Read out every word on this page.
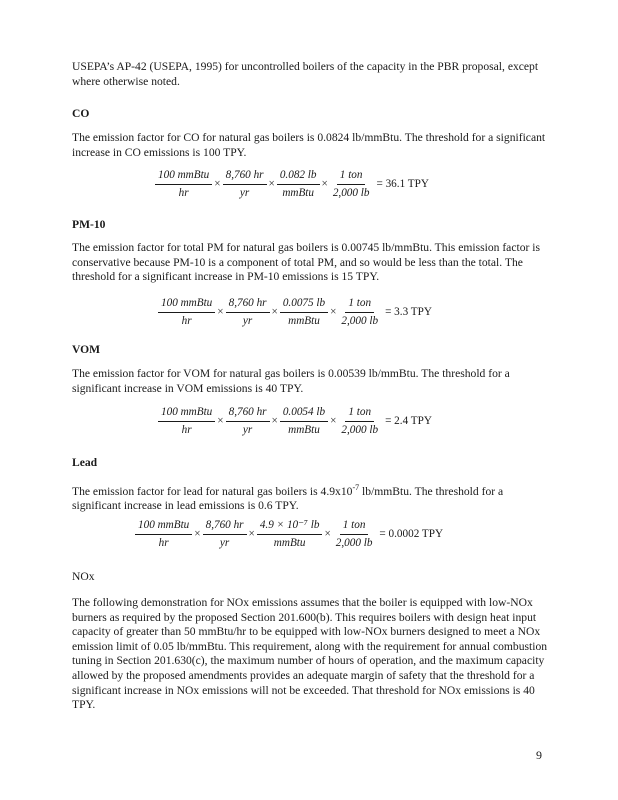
USEPA’s AP-42 (USEPA, 1995) for uncontrolled boilers of the capacity in the PBR proposal, except where otherwise noted.

CO

The emission factor for CO for natural gas boilers is 0.0824 lb/mmBtu. The threshold for a significant increase in CO emissions is 100 TPY.

$\frac{\text{100 mmBtu}}{hr} \times \frac{8,760 hr}{yr} \times \frac{0.082 lb}{\text{mmBtu}} \times \frac{\text{1 ton}}{2,000 lb} = 36.1$ TPY
PM-10

The emission factor for total PM for natural gas boilers is 0.00745 lb/mmBtu. This emission factor is conservative because PM-10 is a component of total PM, and so would be less than the total. The threshold for a significant increase in PM-10 emissions is 15 TPY.

$\frac{\text{100 mmBtu}}{hr} \times \frac{8,760 hr}{yr} \times \frac{0.0075 lb}{\text{mmBtu}} \times \frac{\text{1 ton}}{2,000 lb} = 3.3$ TPY
VOM

The emission factor for VOM for natural gas boilers is 0.00539 lb/mmBtu. The threshold for a significant increase in VOM emissions is 40 TPY.

$\frac{\text{100 mmBtu}}{hr} \times \frac{8,760 hr}{yr} \times \frac{0.0054 lb}{\text{mmBtu}} \times \frac{\text{1 ton}}{2,000 lb} = 2.4$ TPY
Lead

The emission factor for lead for natural gas boilers is $4.9x10^{-7}$ lb/mmBtu. The threshold for a significant increase in lead emissions is 0.6 TPY.

$\frac{\text{100 mmBtu}}{hr} \times \frac{8,760 hr}{yr} \times \frac{\text{4.9 × 10⁻⁷ lb}}{\text{mmBtu}} \times \frac{\text{1 ton}}{2,000 lb} = 0.0002$ TPY
NOx

The following demonstration for NOx emissions assumes that the boiler is equipped with low-NOx burners as required by the proposed Section 201.600(b). This requires boilers with design heat input capacity of greater than 50 mmBtu/hr to be equipped with low-NOx burners designed to meet a NOx emission limit of 0.05 lb/mmBtu. This requirement, along with the requirement for annual combustion tuning in Section 201.630(c), the maximum number of hours of operation, and the maximum capacity allowed by the proposed amendments provides an adequate margin of safety that the threshold for a significant increase in NOx emissions will not be exceeded. That threshold for NOx emissions is 40 TPY.

9
